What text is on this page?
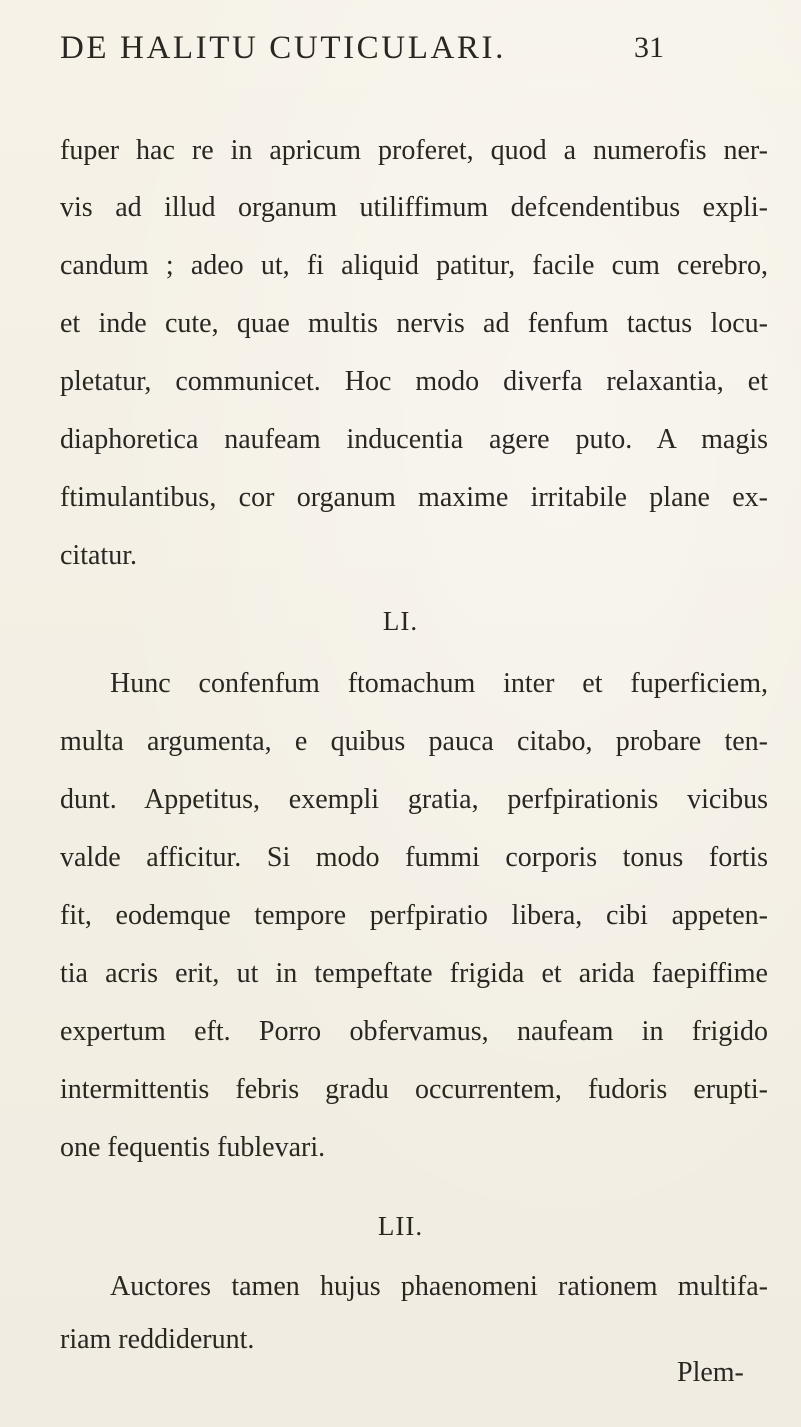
DE HALITU CUTICULARI.	31
fuper hac re in apricum proferet, quod a numerofis ner-
vis ad illud organum utiliffimum defcendentibus expli-
candum ; adeo ut, fi aliquid patitur, facile cum cerebro,
et inde cute, quae multis nervis ad fenfum tactus locu-
pletatur, communicet. Hoc modo diverfa relaxantia, et
diaphoretica naufeam inducentia agere puto. A magis
ftimulantibus, cor organum maxime irritabile plane ex-
citatur.
LI.
Hunc confenfum ftomachum inter et fuperficiem,
multa argumenta, e quibus pauca citabo, probare ten-
dunt. Appetitus, exempli gratia, perfpirationis vicibus
valde afficitur. Si modo fummi corporis tonus fortis
fit, eodemque tempore perfpiratio libera, cibi appeten-
tia acris erit, ut in tempeftate frigida et arida faepiffime
expertum eft. Porro obfervamus, naufeam in frigido
intermittentis febris gradu occurrentem, fudoris erupti-
one fequentis fublevari.
LII.
Auctores tamen hujus phaenomeni rationem multifa-
riam reddiderunt.
Plem-
